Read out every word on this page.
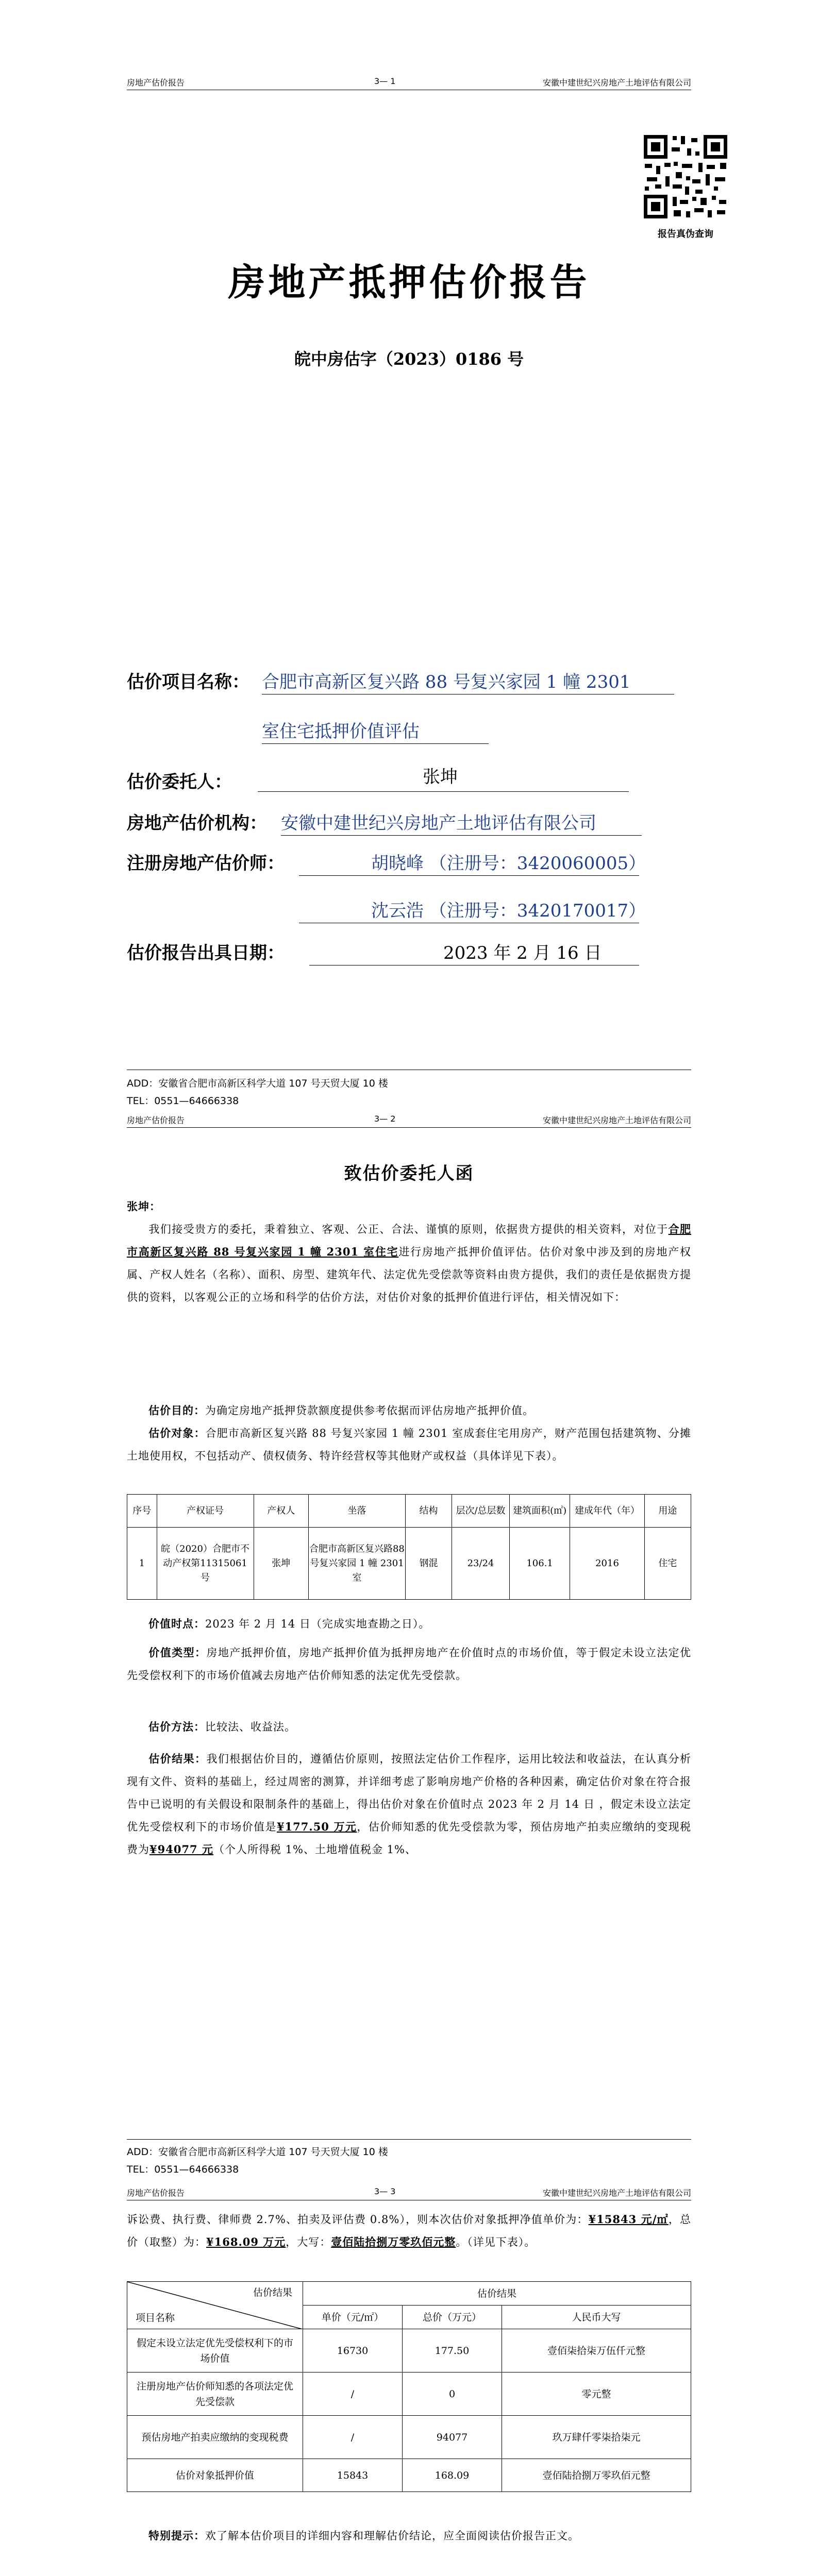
房地产估价报告	3— 1	安徽中建世纪兴房地产土地评估有限公司
报告真伪查询
房地产抵押估价报告
皖中房估字（2023）0186 号
估价项目名称： 合肥市高新区复兴路 88 号复兴家园 1 幢 2301
室住宅抵押价值评估
估价委托人：	张坤
房地产估价机构： 安徽中建世纪兴房地产土地评估有限公司
注册房地产估价师：	胡晓峰 （注册号：3420060005）
沈云浩 （注册号：3420170017）
估价报告出具日期：	2023 年 2 月 16 日
ADD：安徽省合肥市高新区科学大道 107 号天贸大厦 10 楼
TEL：0551—64666338
房地产估价报告	3— 2	安徽中建世纪兴房地产土地评估有限公司
致估价委托人函
张坤：
我们接受贵方的委托，秉着独立、客观、公正、合法、谨慎的原则，依据贵方提供的相关资料，对位于合肥市高新区复兴路 88 号复兴家园 1 幢 2301 室住宅进行房地产抵押价值评估。估价对象中涉及到的房地产权属、产权人姓名（名称）、面积、房型、建筑年代、法定优先受偿款等资料由贵方提供，我们的责任是依据贵方提供的资料，以客观公正的立场和科学的估价方法，对估价对象的抵押价值进行评估，相关情况如下：
估价目的：为确定房地产抵押贷款额度提供参考依据而评估房地产抵押价值。
估价对象：合肥市高新区复兴路 88 号复兴家园 1 幢 2301 室成套住宅用房产，财产范围包括建筑物、分摊土地使用权，不包括动产、债权债务、特许经营权等其他财产或权益（具体详见下表）。
序号	产权证号	产权人	坐落	结构	层次/总层数	建筑面积(㎡)	建成年代（年）	用途
1	皖（2020）合肥市不动产权第11315061 号	张坤	合肥市高新区复兴路88 号复兴家园 1 幢 2301 室	钢混	23/24	106.1	2016	住宅
价值时点：2023 年 2 月 14 日（完成实地查勘之日）。
价值类型：房地产抵押价值，房地产抵押价值为抵押房地产在价值时点的市场价值，等于假定未设立法定优先受偿权利下的市场价值减去房地产估价师知悉的法定优先受偿款。
估价方法：比较法、收益法。
估价结果：我们根据估价目的，遵循估价原则，按照法定估价工作程序，运用比较法和收益法，在认真分析现有文件、资料的基础上，经过周密的测算，并详细考虑了影响房地产价格的各种因素，确定估价对象在符合报告中已说明的有关假设和限制条件的基础上，得出估价对象在价值时点 2023 年 2 月 14 日 ，假定未设立法定优先受偿权利下的市场价值是¥177.50 万元，估价师知悉的优先受偿款为零，预估房地产拍卖应缴纳的变现税费为¥94077 元（个人所得税 1%、土地增值税金 1%、
ADD：安徽省合肥市高新区科学大道 107 号天贸大厦 10 楼
TEL：0551—64666338
房地产估价报告	3— 3	安徽中建世纪兴房地产土地评估有限公司
诉讼费、执行费、律师费 2.7%、拍卖及评估费 0.8%），则本次估价对象抵押净值单价为：¥15843 元/㎡，总价（取整）为：¥168.09 万元，大写：壹佰陆拾捌万零玖佰元整。（详见下表）。
估价结果
项目名称	估价结果		
	单价（元/㎡）	总价（万元）	人民币大写
假定未设立法定优先受偿权利下的市场价值	16730	177.50	壹佰柒拾柒万伍仟元整
注册房地产估价师知悉的各项法定优先受偿款	/	0	零元整
预估房地产拍卖应缴纳的变现税费	/	94077	玖万肆仟零柒拾柒元
估价对象抵押价值	15843	168.09	壹佰陆拾捌万零玖佰元整
特别提示：欢了解本估价项目的详细内容和理解估价结论，应全面阅读估价报告正文。
